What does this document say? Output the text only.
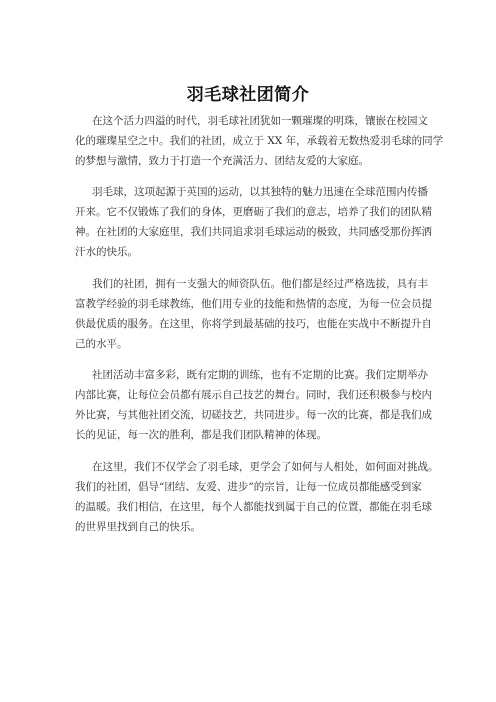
羽毛球社团简介
在这个活力四溢的时代，羽毛球社团犹如一颗璀璨的明珠，镶嵌在校园文
化的璀璨星空之中。我们的社团，成立于 XX 年，承载着无数热爱羽毛球的同学
的梦想与激情，致力于打造一个充满活力、团结友爱的大家庭。
羽毛球，这项起源于英国的运动，以其独特的魅力迅速在全球范围内传播
开来。它不仅锻炼了我们的身体，更磨砺了我们的意志，培养了我们的团队精
神。在社团的大家庭里，我们共同追求羽毛球运动的极致，共同感受那份挥洒
汗水的快乐。
我们的社团，拥有一支强大的师资队伍。他们都是经过严格选拔，具有丰
富教学经验的羽毛球教练，他们用专业的技能和热情的态度，为每一位会员提
供最优质的服务。在这里，你将学到最基础的技巧，也能在实战中不断提升自
己的水平。
社团活动丰富多彩，既有定期的训练，也有不定期的比赛。我们定期举办
内部比赛，让每位会员都有展示自己技艺的舞台。同时，我们还积极参与校内
外比赛，与其他社团交流，切磋技艺，共同进步。每一次的比赛，都是我们成
长的见证，每一次的胜利，都是我们团队精神的体现。
在这里，我们不仅学会了羽毛球，更学会了如何与人相处，如何面对挑战。
我们的社团，倡导“团结、友爱、进步”的宗旨，让每一位成员都能感受到家
的温暖。我们相信，在这里，每个人都能找到属于自己的位置，都能在羽毛球
的世界里找到自己的快乐。
